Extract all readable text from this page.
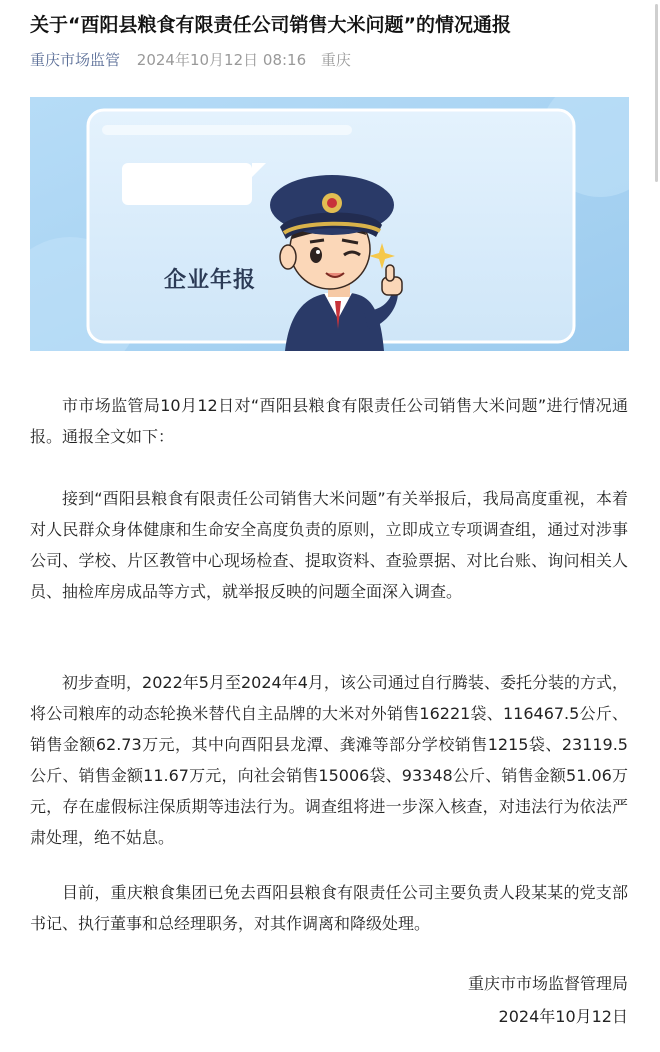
关于“酉阳县粮食有限责任公司销售大米问题”的情况通报
重庆市场监管 2024年10月12日 08:16 重庆
企业年报

市市场监管局10月12日对“酉阳县粮食有限责任公司销售大米问题”进行情况通报。通报全文如下：

接到“酉阳县粮食有限责任公司销售大米问题”有关举报后，我局高度重视，本着对人民群众身体健康和生命安全高度负责的原则，立即成立专项调查组，通过对涉事公司、学校、片区教管中心现场检查、提取资料、查验票据、对比台账、询问相关人员、抽检库房成品等方式，就举报反映的问题全面深入调查。

初步查明，2022年5月至2024年4月，该公司通过自行腾装、委托分装的方式，将公司粮库的动态轮换米替代自主品牌的大米对外销售16221袋、116467.5公斤、销售金额62.73万元，其中向酉阳县龙潭、龚滩等部分学校销售1215袋、23119.5公斤、销售金额11.67万元，向社会销售15006袋、93348公斤、销售金额51.06万元，存在虚假标注保质期等违法行为。调查组将进一步深入核查，对违法行为依法严肃处理，绝不姑息。

目前，重庆粮食集团已免去酉阳县粮食有限责任公司主要负责人段某某的党支部书记、执行董事和总经理职务，对其作调离和降级处理。

重庆市市场监督管理局
2024年10月12日
